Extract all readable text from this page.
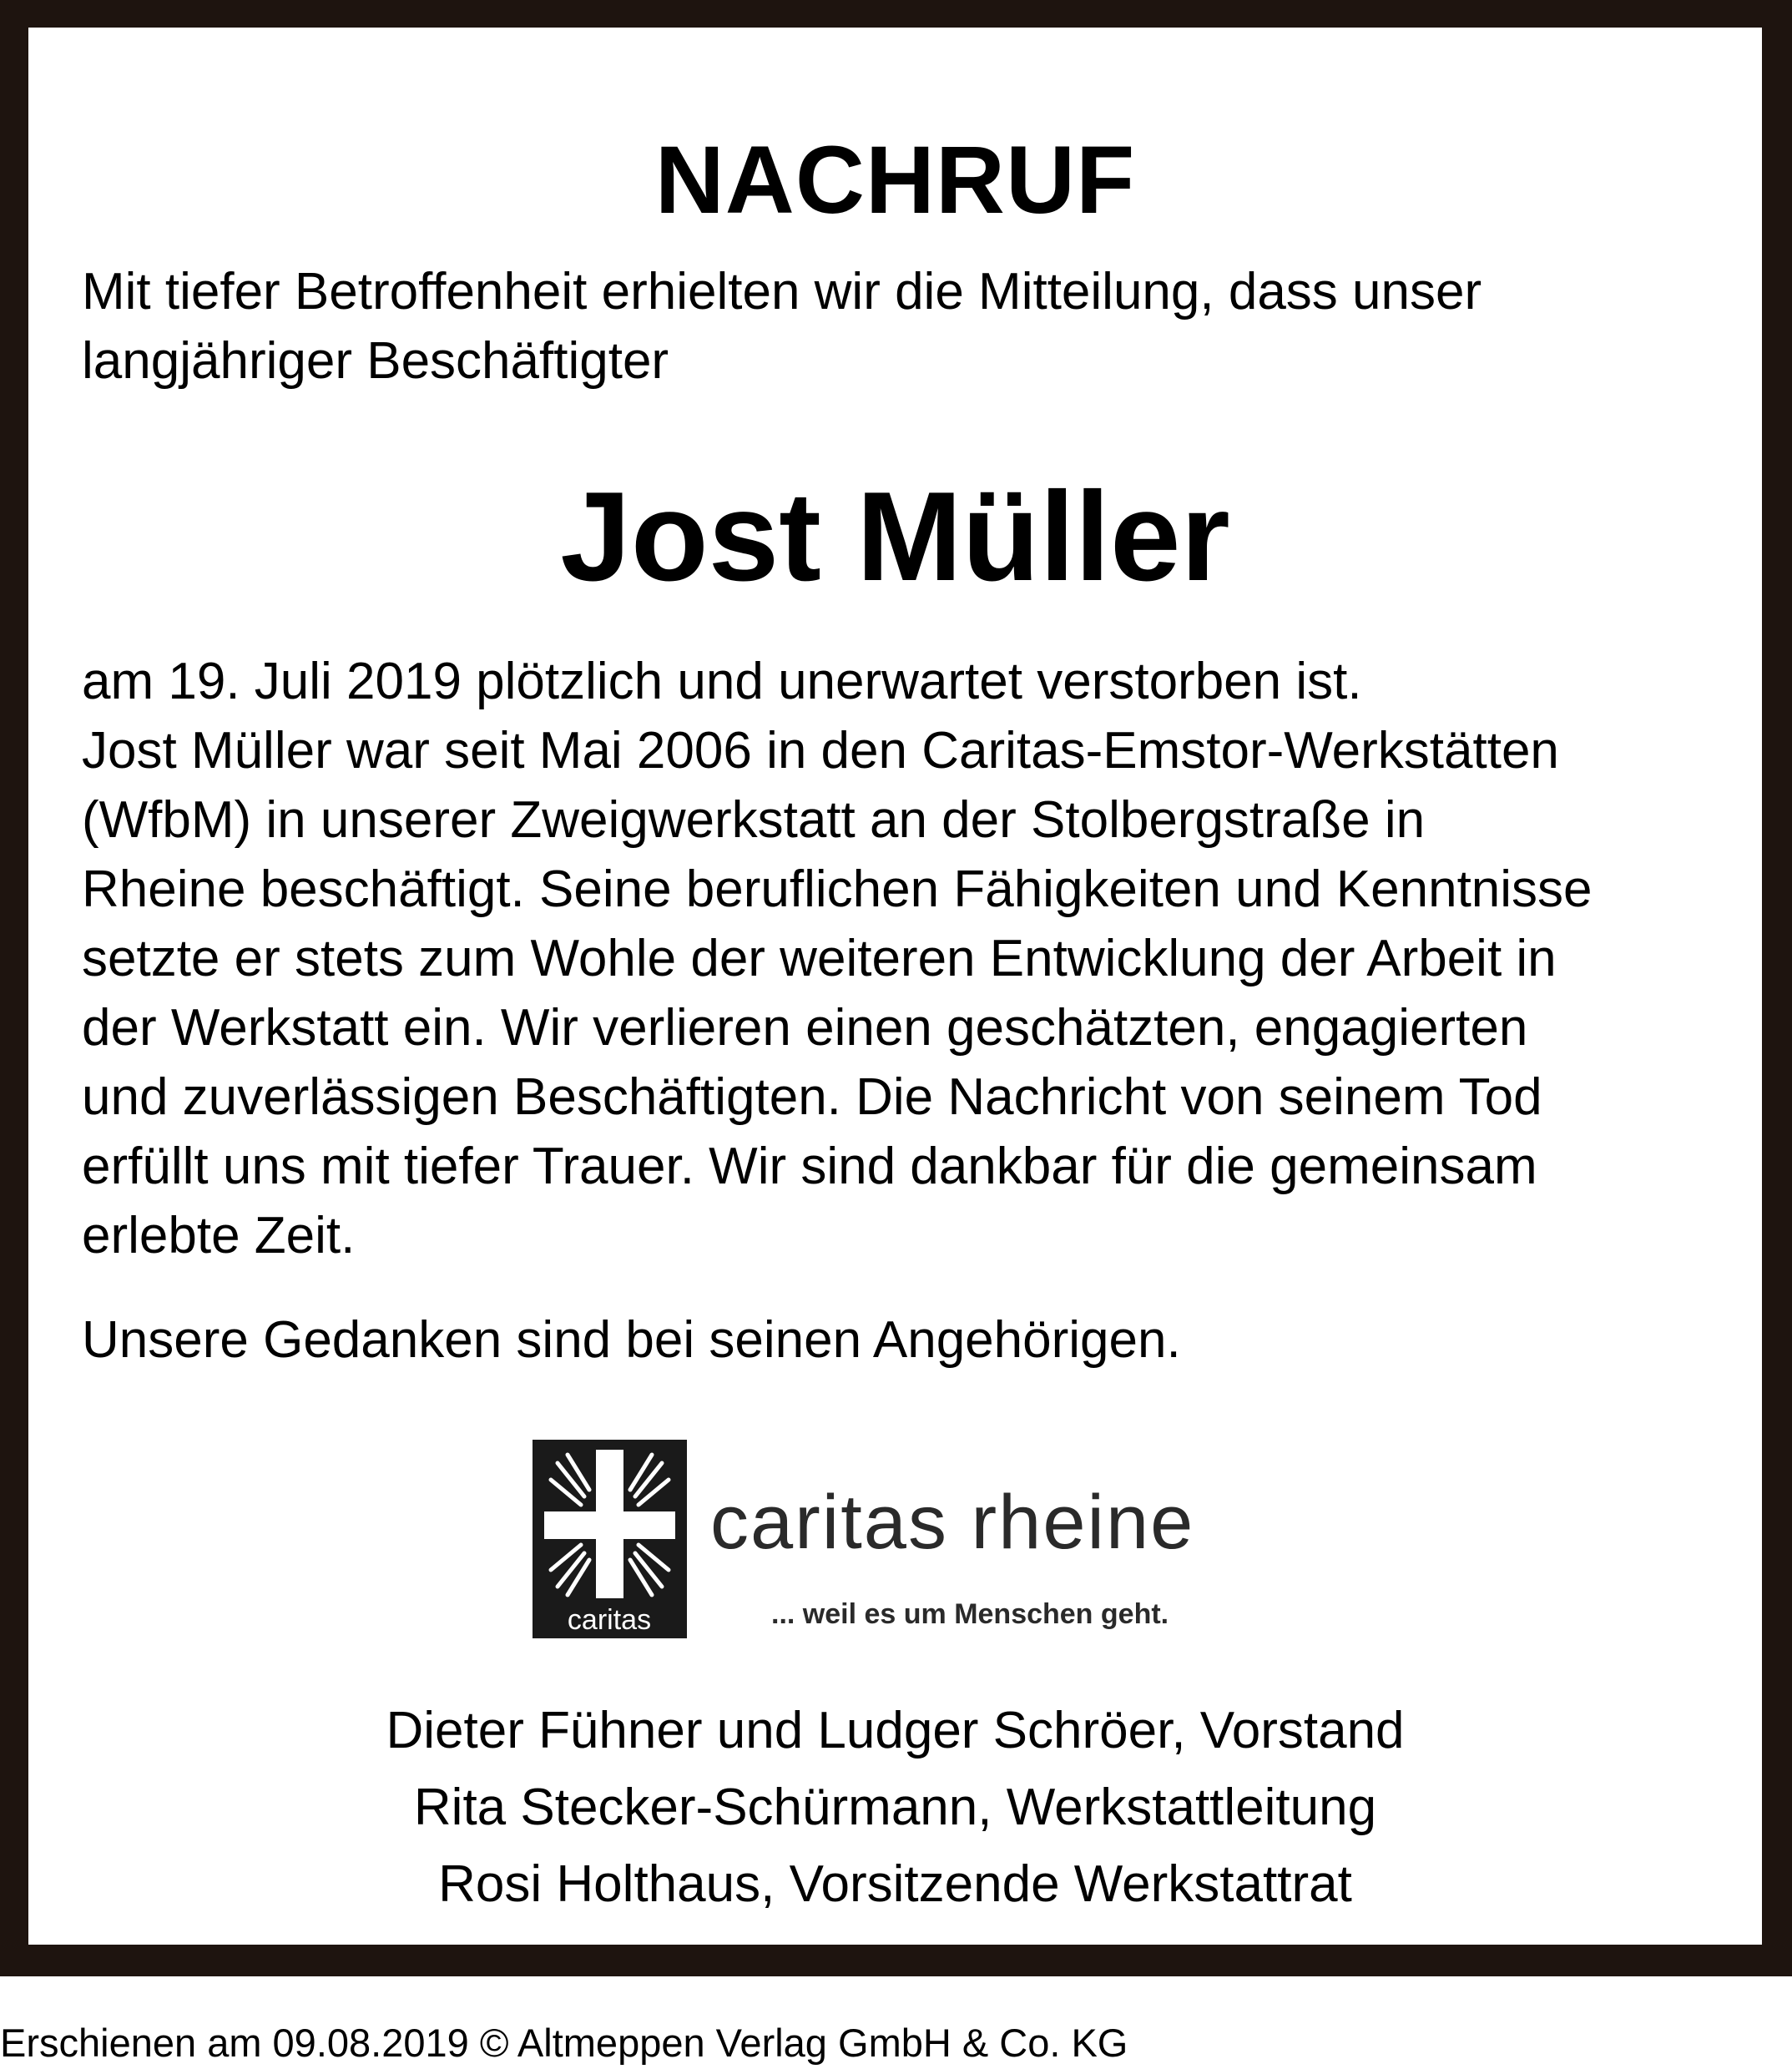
NACHRUF
Mit tiefer Betroffenheit erhielten wir die Mitteilung, dass unser
langjähriger Beschäftigter
Jost Müller
am 19. Juli 2019 plötzlich und unerwartet verstorben ist.
Jost Müller war seit Mai 2006 in den Caritas-Emstor-Werkstätten
(WfbM) in unserer Zweigwerkstatt an der Stolbergstraße in
Rheine beschäftigt. Seine beruflichen Fähigkeiten und Kenntnisse
setzte er stets zum Wohle der weiteren Entwicklung der Arbeit in
der Werkstatt ein. Wir verlieren einen geschätzten, engagierten
und zuverlässigen Beschäftigten. Die Nachricht von seinem Tod
erfüllt uns mit tiefer Trauer. Wir sind dankbar für die gemeinsam
erlebte Zeit.
Unsere Gedanken sind bei seinen Angehörigen.
caritas
caritas rheine
... weil es um Menschen geht.
Dieter Fühner und Ludger Schröer, Vorstand
Rita Stecker-Schürmann, Werkstattleitung
Rosi Holthaus, Vorsitzende Werkstattrat
Erschienen am 09.08.2019 © Altmeppen Verlag GmbH & Co. KG
